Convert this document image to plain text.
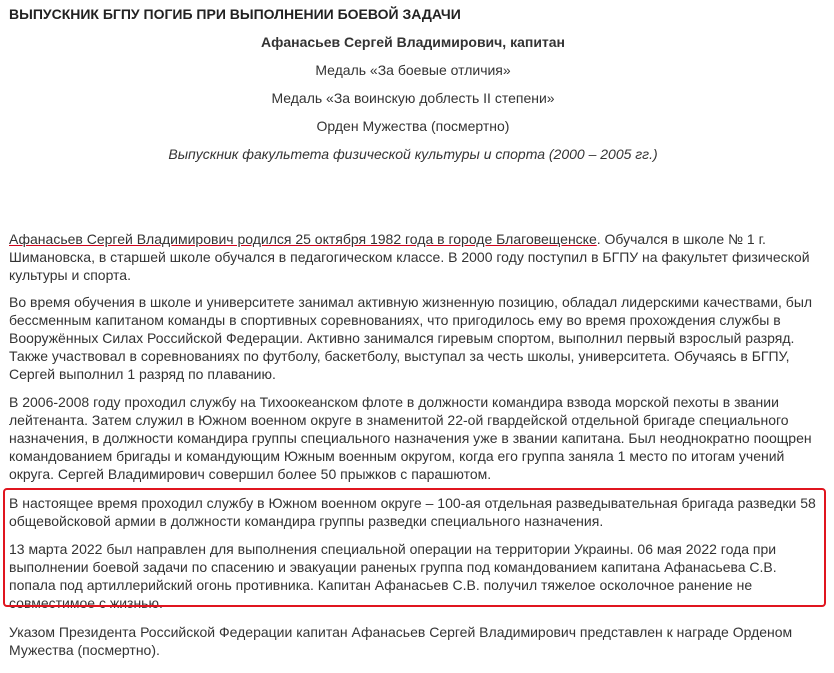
ВЫПУСКНИК БГПУ ПОГИБ ПРИ ВЫПОЛНЕНИИ БОЕВОЙ ЗАДАЧИ

Афанасьев Сергей Владимирович, капитан

Медаль «За боевые отличия»

Медаль «За воинскую доблесть II степени»

Орден Мужества (посмертно)

Выпускник факультета физической культуры и спорта (2000 – 2005 гг.)

Афанасьев Сергей Владимирович родился 25 октября 1982 года в городе Благовещенске. Обучался в школе № 1 г. Шимановска, в старшей школе обучался в педагогическом классе. В 2000 году поступил в БГПУ на факультет физической культуры и спорта.

Во время обучения в школе и университете занимал активную жизненную позицию, обладал лидерскими качествами, был бессменным капитаном команды в спортивных соревнованиях, что пригодилось ему во время прохождения службы в Вооружённых Силах Российской Федерации. Активно занимался гиревым спортом, выполнил первый взрослый разряд. Также участвовал в соревнованиях по футболу, баскетболу, выступал за честь школы, университета. Обучаясь в БГПУ, Сергей выполнил 1 разряд по плаванию.

В 2006-2008 году проходил службу на Тихоокеанском флоте в должности командира взвода морской пехоты в звании лейтенанта. Затем служил в Южном военном округе в знаменитой 22-ой гвардейской отдельной бригаде специального назначения, в должности командира группы специального назначения уже в звании капитана. Был неоднократно поощрен командованием бригады и командующим Южным военным округом, когда его группа заняла 1 место по итогам учений округа. Сергей Владимирович совершил более 50 прыжков с парашютом.

В настоящее время проходил службу в Южном военном округе – 100-ая отдельная разведывательная бригада разведки 58 общевойсковой армии в должности командира группы разведки специального назначения.

13 марта 2022 был направлен для выполнения специальной операции на территории Украины. 06 мая 2022 года при выполнении боевой задачи по спасению и эвакуации раненых группа под командованием капитана Афанасьева С.В. попала под артиллерийский огонь противника. Капитан Афанасьев С.В. получил тяжелое осколочное ранение не совместимое с жизнью.

Указом Президента Российской Федерации капитан Афанасьев Сергей Владимирович представлен к награде Орденом Мужества (посмертно).
